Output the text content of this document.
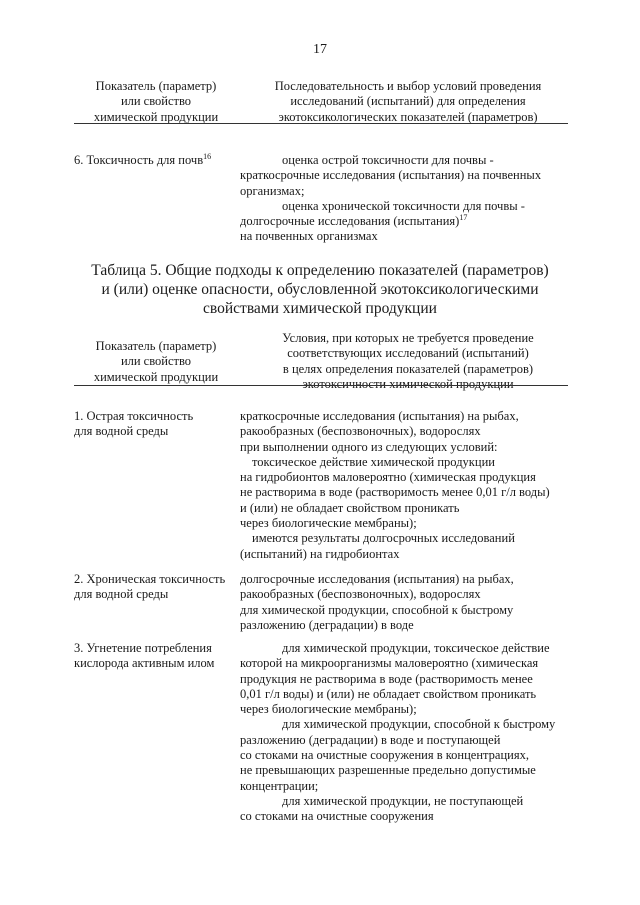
17
Показатель (параметр)
или свойство
химической продукции
Последовательность и выбор условий проведения
исследований (испытаний) для определения
экотоксикологических показателей (параметров)
6. Токсичность для почв$^{16}$	оценка острой токсичности для почвы -
краткосрочные исследования (испытания) на почвенных
организмах;
оценка хронической токсичности для почвы -
долгосрочные исследования (испытания)$^{17}$
на почвенных организмах
Таблица 5. Общие подходы к определению показателей (параметров)
и (или) оценке опасности, обусловленной экотоксикологическими
свойствами химической продукции
Показатель (параметр)
или свойство
химической продукции
Условия, при которых не требуется проведение
соответствующих исследований (испытаний)
в целях определения показателей (параметров)
экотоксичности химической продукции
1. Острая токсичность
для водной среды
краткосрочные исследования (испытания) на рыбах,
ракообразных (беспозвоночных), водорослях
при выполнении одного из следующих условий:
токсическое действие химической продукции
на гидробионтов маловероятно (химическая продукция
не растворима в воде (растворимость менее 0,01 г/л воды)
и (или) не обладает свойством проникать
через биологические мембраны);
имеются результаты долгосрочных исследований
(испытаний) на гидробионтах
2. Хроническая токсичность
для водной среды
долгосрочные исследования (испытания) на рыбах,
ракообразных (беспозвоночных), водорослях
для химической продукции, способной к быстрому
разложению (деградации) в воде
3. Угнетение потребления
кислорода активным илом
для химической продукции, токсическое действие
которой на микроорганизмы маловероятно (химическая
продукция не растворима в воде (растворимость менее
0,01 г/л воды) и (или) не обладает свойством проникать
через биологические мембраны);
для химической продукции, способной к быстрому
разложению (деградации) в воде и поступающей
со стоками на очистные сооружения в концентрациях,
не превышающих разрешенные предельно допустимые
концентрации;
для химической продукции, не поступающей
со стоками на очистные сооружения
